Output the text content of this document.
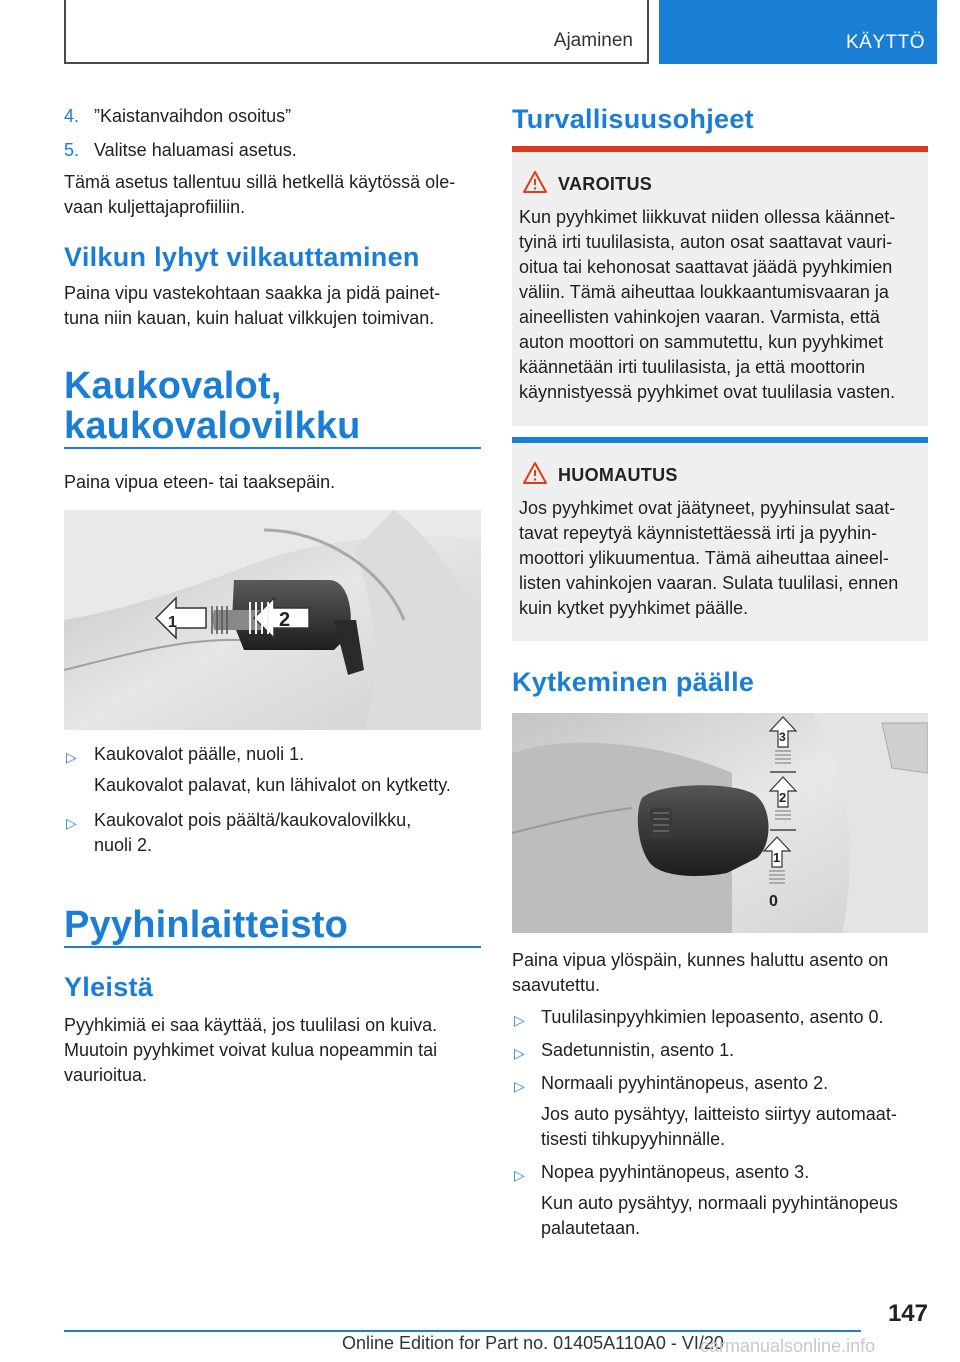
Ajaminen	KÄYTTÖ
4. ”Kaistanvaihdon osoitus”
5. Valitse haluamasi asetus.
Tämä asetus tallentuu sillä hetkellä käytössä ole-
vaan kuljettajaprofiiliin.
Vilkun lyhyt vilkauttaminen
Paina vipu vastekohtaan saakka ja pidä painet-
tuna niin kauan, kuin haluat vilkkujen toimivan.
Kaukovalot,
kaukovalovilkku
Paina vipua eteen- tai taaksepäin.
1	2
▷ Kaukovalot päälle, nuoli 1.
Kaukovalot palavat, kun lähivalot on kytketty.
▷ Kaukovalot pois päältä/kaukovalovilkku,
nuoli 2.
Pyyhinlaitteisto
Yleistä
Pyyhkimiä ei saa käyttää, jos tuulilasi on kuiva.
Muutoin pyyhkimet voivat kulua nopeammin tai
vaurioitua.
Turvallisuusohjeet
VAROITUS
Kun pyyhkimet liikkuvat niiden ollessa käännet-
tyinä irti tuulilasista, auton osat saattavat vauri-
oitua tai kehonosat saattavat jäädä pyyhkimien
väliin. Tämä aiheuttaa loukkaantumisvaaran ja
aineellisten vahinkojen vaaran. Varmista, että
auton moottori on sammutettu, kun pyyhkimet
käännetään irti tuulilasista, ja että moottorin
käynnistyessä pyyhkimet ovat tuulilasia vasten.
HUOMAUTUS
Jos pyyhkimet ovat jäätyneet, pyyhinsulat saat-
tavat repeytyä käynnistettäessä irti ja pyyhin-
moottori ylikuumentua. Tämä aiheuttaa aineel-
listen vahinkojen vaaran. Sulata tuulilasi, ennen
kuin kytket pyyhkimet päälle.
Kytkeminen päälle
3
2
1
0
Paina vipua ylöspäin, kunnes haluttu asento on
saavutettu.
▷ Tuulilasinpyyhkimien lepoasento, asento 0.
▷ Sadetunnistin, asento 1.
▷ Normaali pyyhintänopeus, asento 2.
Jos auto pysähtyy, laitteisto siirtyy automaat-
tisesti tihkupyyhinnälle.
▷ Nopea pyyhintänopeus, asento 3.
Kun auto pysähtyy, normaali pyyhintänopeus
palautetaan.
147
Online Edition for Part no. 01405A110A0 - VI/20
carmanualsonline.info
